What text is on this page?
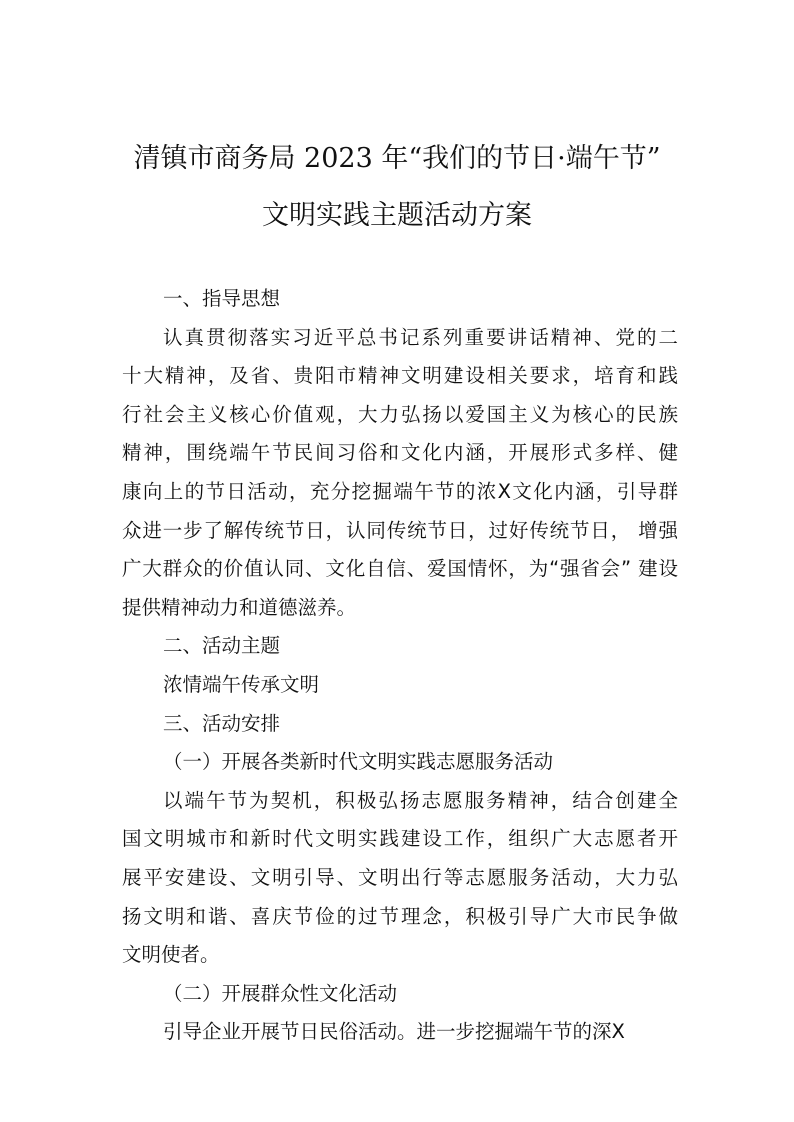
清镇市商务局 2023 年“我们的节日·端午节”
文明实践主题活动方案
一、指导思想
认真贯彻落实习近平总书记系列重要讲话精神、党的二
十大精神，及省、贵阳市精神文明建设相关要求，培育和践
行社会主义核心价值观，大力弘扬以爱国主义为核心的民族
精神，围绕端午节民间习俗和文化内涵，开展形式多样、健
康向上的节日活动，充分挖掘端午节的浓X文化内涵，引导群
众进一步了解传统节日，认同传统节日，过好传统节日， 增强
广大群众的价值认同、文化自信、爱国情怀，为“强省会” 建设
提供精神动力和道德滋养。
二、活动主题
浓情端午传承文明
三、活动安排
（一）开展各类新时代文明实践志愿服务活动
以端午节为契机，积极弘扬志愿服务精神，结合创建全
国文明城市和新时代文明实践建设工作，组织广大志愿者开
展平安建设、文明引导、文明出行等志愿服务活动，大力弘
扬文明和谐、喜庆节俭的过节理念，积极引导广大市民争做
文明使者。
（二）开展群众性文化活动
引导企业开展节日民俗活动。进一步挖掘端午节的深X
